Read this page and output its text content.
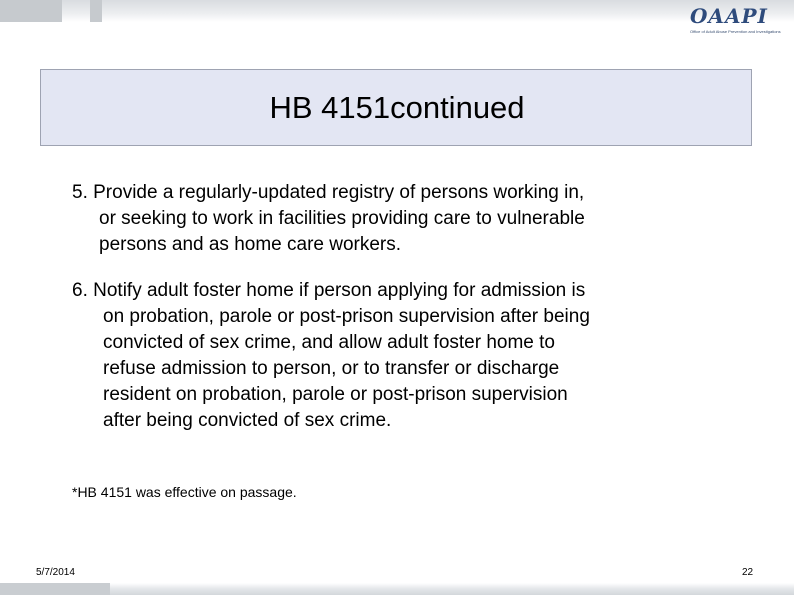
OAAPI
Office of Adult Abuse Prevention and Investigations
HB 4151continued
5. Provide a regularly-updated registry of persons working in,
or seeking to work in facilities providing care to vulnerable
persons and as home care workers.
6. Notify adult foster home if person applying for admission is
on probation, parole or post-prison supervision after being
convicted of sex crime, and allow adult foster home to
refuse admission to person, or to transfer or discharge
resident on probation, parole or post-prison supervision
after being convicted of sex crime.
*HB 4151 was effective on passage.
5/7/2014	22
